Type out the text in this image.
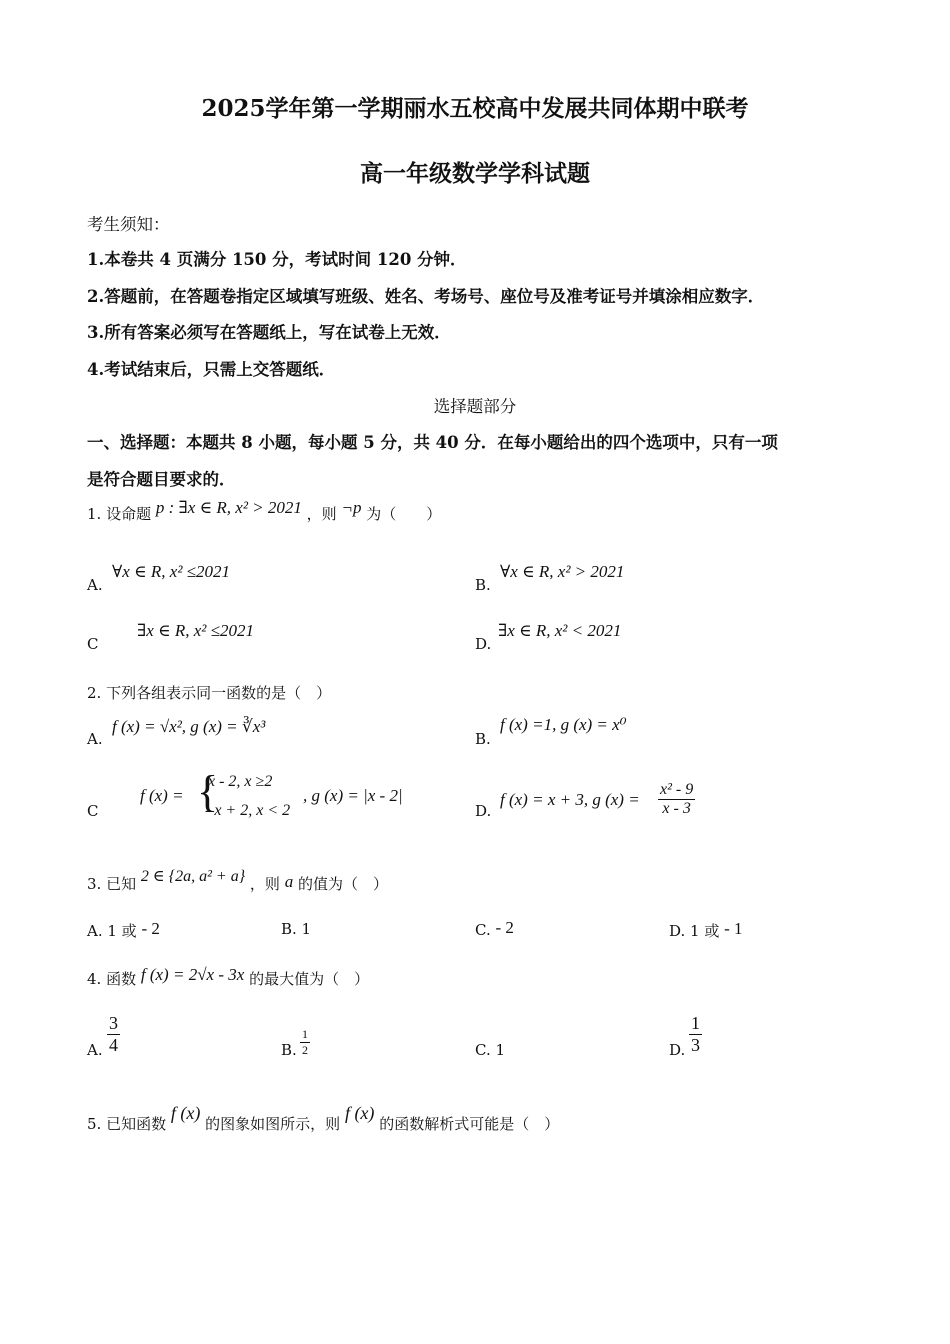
2025学年第一学期丽水五校高中发展共同体期中联考
高一年级数学学科试题
考生须知：
1.本卷共 4 页满分 150 分，考试时间 120 分钟．
2.答题前，在答题卷指定区域填写班级、姓名、考场号、座位号及准考证号并填涂相应数字．
3.所有答案必须写在答题纸上，写在试卷上无效．
4.考试结束后，只需上交答题纸．
选择题部分
一、选择题：本题共 8 小题，每小题 5 分，共 40 分．在每小题给出的四个选项中，只有一项
是符合题目要求的．
1. 设命题 p : ∃x ∈ R, x² > 2021 ，则 ¬p 为（　　）
A.
∀x ∈ R, x² ≤2021
B.
∀x ∈ R, x² > 2021
C
∃x ∈ R, x² ≤2021
D.
∃x ∈ R, x² < 2021
2. 下列各组表示同一函数的是（　）
A.
f (x) = √x², g (x) = ∛x³
B.
f (x) =1, g (x) = x⁰
C
f (x) = {
x - 2, x ≥2
- x + 2, x < 2
, g (x) = |x - 2|
D.
f (x) = x + 3, g $(x) = \frac{\text{x² - 9}}{x - 3}$
3. 已知 2 ∈ {2a, a² + a} ，则 a 的值为（　）
A. 1 或 - 2	B. 1	C. - 2	D. 1 或 - 1
4. 函数 f (x) = 2√x - 3x 的最大值为（　）
A. $\frac{3}{4}$	B. $\frac{1}{2}$	C. 1	D. $\frac{1}{3}$
5. 已知函数 f (x) 的图象如图所示，则 f (x) 的函数解析式可能是（　）
